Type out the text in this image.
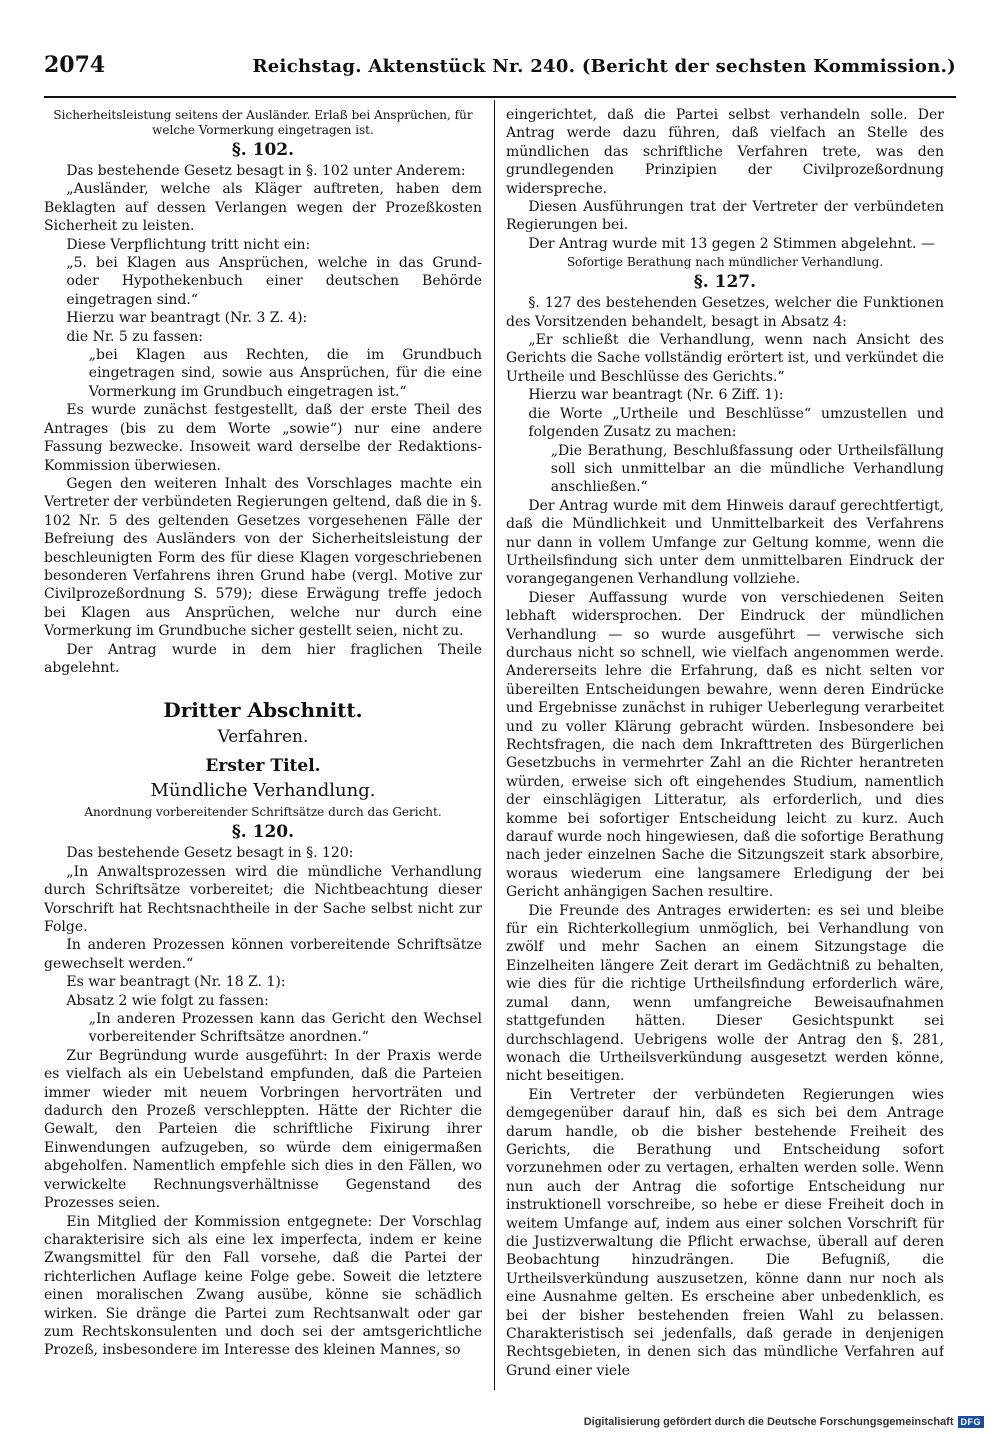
2074	Reichstag. Aktenstück Nr. 240. (Bericht der sechsten Kommission.)

Sicherheitsleistung seitens der Ausländer. Erlaß bei Ansprüchen, für welche Vormerkung eingetragen ist.

§. 102.

Das bestehende Gesetz besagt in §. 102 unter Anderem:

„Ausländer, welche als Kläger auftreten, haben dem Beklagten auf dessen Verlangen wegen der Prozeßkosten Sicherheit zu leisten.

Diese Verpflichtung tritt nicht ein:

„5. bei Klagen aus Ansprüchen, welche in das Grund- oder Hypothekenbuch einer deutschen Behörde eingetragen sind.“

Hierzu war beantragt (Nr. 3 Z. 4):

die Nr. 5 zu fassen:

„bei Klagen aus Rechten, die im Grundbuch eingetragen sind, sowie aus Ansprüchen, für die eine Vormerkung im Grundbuch eingetragen ist.“

Es wurde zunächst festgestellt, daß der erste Theil des Antrages (bis zu dem Worte „sowie“) nur eine andere Fassung bezwecke. Insoweit ward derselbe der Redaktions-Kommission überwiesen.

Gegen den weiteren Inhalt des Vorschlages machte ein Vertreter der verbündeten Regierungen geltend, daß die in §. 102 Nr. 5 des geltenden Gesetzes vorgesehenen Fälle der Befreiung des Ausländers von der Sicherheitsleistung der beschleunigten Form des für diese Klagen vorgeschriebenen besonderen Verfahrens ihren Grund habe (vergl. Motive zur Civilprozeßordnung S. 579); diese Erwägung treffe jedoch bei Klagen aus Ansprüchen, welche nur durch eine Vormerkung im Grundbuche sicher gestellt seien, nicht zu.

Der Antrag wurde in dem hier fraglichen Theile abgelehnt.

Dritter Abschnitt.

Verfahren.

Erster Titel.

Mündliche Verhandlung.

Anordnung vorbereitender Schriftsätze durch das Gericht.

§. 120.

Das bestehende Gesetz besagt in §. 120:

„In Anwaltsprozessen wird die mündliche Verhandlung durch Schriftsätze vorbereitet; die Nichtbeachtung dieser Vorschrift hat Rechtsnachtheile in der Sache selbst nicht zur Folge.

In anderen Prozessen können vorbereitende Schriftsätze gewechselt werden.“

Es war beantragt (Nr. 18 Z. 1):

Absatz 2 wie folgt zu fassen:

„In anderen Prozessen kann das Gericht den Wechsel vorbereitender Schriftsätze anordnen.“

Zur Begründung wurde ausgeführt: In der Praxis werde es vielfach als ein Uebelstand empfunden, daß die Parteien immer wieder mit neuem Vorbringen hervorträten und dadurch den Prozeß verschleppten. Hätte der Richter die Gewalt, den Parteien die schriftliche Fixirung ihrer Einwendungen aufzugeben, so würde dem einigermaßen abgeholfen. Namentlich empfehle sich dies in den Fällen, wo verwickelte Rechnungsverhältnisse Gegenstand des Prozesses seien.

Ein Mitglied der Kommission entgegnete: Der Vorschlag charakterisire sich als eine lex imperfecta, indem er keine Zwangsmittel für den Fall vorsehe, daß die Partei der richterlichen Auflage keine Folge gebe. Soweit die letztere einen moralischen Zwang ausübe, könne sie schädlich wirken. Sie dränge die Partei zum Rechtsanwalt oder gar zum Rechtskonsulenten und doch sei der amtsgerichtliche Prozeß, insbesondere im Interesse des kleinen Mannes, so

eingerichtet, daß die Partei selbst verhandeln solle. Der Antrag werde dazu führen, daß vielfach an Stelle des mündlichen das schriftliche Verfahren trete, was den grundlegenden Prinzipien der Civilprozeßordnung widerspreche.

Diesen Ausführungen trat der Vertreter der verbündeten Regierungen bei.

Der Antrag wurde mit 13 gegen 2 Stimmen abgelehnt. —

Sofortige Berathung nach mündlicher Verhandlung.

§. 127.

§. 127 des bestehenden Gesetzes, welcher die Funktionen des Vorsitzenden behandelt, besagt in Absatz 4:

„Er schließt die Verhandlung, wenn nach Ansicht des Gerichts die Sache vollständig erörtert ist, und verkündet die Urtheile und Beschlüsse des Gerichts.“

Hierzu war beantragt (Nr. 6 Ziff. 1):

die Worte „Urtheile und Beschlüsse“ umzustellen und folgenden Zusatz zu machen:

„Die Berathung, Beschlußfassung oder Urtheilsfällung soll sich unmittelbar an die mündliche Verhandlung anschließen.“

Der Antrag wurde mit dem Hinweis darauf gerechtfertigt, daß die Mündlichkeit und Unmittelbarkeit des Verfahrens nur dann in vollem Umfange zur Geltung komme, wenn die Urtheilsfindung sich unter dem unmittelbaren Eindruck der vorangegangenen Verhandlung vollziehe.

Dieser Auffassung wurde von verschiedenen Seiten lebhaft widersprochen. Der Eindruck der mündlichen Verhandlung — so wurde ausgeführt — verwische sich durchaus nicht so schnell, wie vielfach angenommen werde. Andererseits lehre die Erfahrung, daß es nicht selten vor übereilten Entscheidungen bewahre, wenn deren Eindrücke und Ergebnisse zunächst in ruhiger Ueberlegung verarbeitet und zu voller Klärung gebracht würden. Insbesondere bei Rechtsfragen, die nach dem Inkrafttreten des Bürgerlichen Gesetzbuchs in vermehrter Zahl an die Richter herantreten würden, erweise sich oft eingehendes Studium, namentlich der einschlägigen Litteratur, als erforderlich, und dies komme bei sofortiger Entscheidung leicht zu kurz. Auch darauf wurde noch hingewiesen, daß die sofortige Berathung nach jeder einzelnen Sache die Sitzungszeit stark absorbire, woraus wiederum eine langsamere Erledigung der bei Gericht anhängigen Sachen resultire.

Die Freunde des Antrages erwiderten: es sei und bleibe für ein Richterkollegium unmöglich, bei Verhandlung von zwölf und mehr Sachen an einem Sitzungstage die Einzelheiten längere Zeit derart im Gedächtniß zu behalten, wie dies für die richtige Urtheilsfindung erforderlich wäre, zumal dann, wenn umfangreiche Beweisaufnahmen stattgefunden hätten. Dieser Gesichtspunkt sei durchschlagend. Uebrigens wolle der Antrag den §. 281, wonach die Urtheilsverkündung ausgesetzt werden könne, nicht beseitigen.

Ein Vertreter der verbündeten Regierungen wies demgegenüber darauf hin, daß es sich bei dem Antrage darum handle, ob die bisher bestehende Freiheit des Gerichts, die Berathung und Entscheidung sofort vorzunehmen oder zu vertagen, erhalten werden solle. Wenn nun auch der Antrag die sofortige Entscheidung nur instruktionell vorschreibe, so hebe er diese Freiheit doch in weitem Umfange auf, indem aus einer solchen Vorschrift für die Justizverwaltung die Pflicht erwachse, überall auf deren Beobachtung hinzudrängen. Die Befugniß, die Urtheilsverkündung auszusetzen, könne dann nur noch als eine Ausnahme gelten. Es erscheine aber unbedenklich, es bei der bisher bestehenden freien Wahl zu belassen. Charakteristisch sei jedenfalls, daß gerade in denjenigen Rechtsgebieten, in denen sich das mündliche Verfahren auf Grund einer viele

Digitalisierung gefördert durch die Deutsche Forschungsgemeinschaft DFG
